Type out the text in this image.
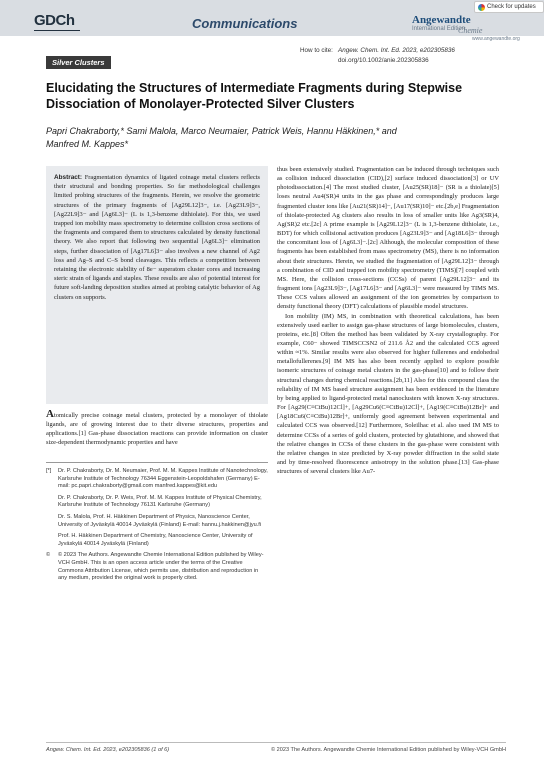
GDCh	Communications	Angewandte
International Edition
Chemie
www.angewandte.org
Check for updates
How to cite: Angew. Chem. Int. Ed. 2023, e202305836
doi.org/10.1002/anie.202305836
Silver Clusters
Elucidating the Structures of Intermediate Fragments during Stepwise Dissociation of Monolayer-Protected Silver Clusters
Papri Chakraborty,* Sami Malola, Marco Neumaier, Patrick Weis, Hannu Häkkinen,* and
Manfred M. Kappes*
Abstract: Fragmentation dynamics of ligated coinage metal clusters reflects their structural and bonding properties. So far methodological challenges limited probing structures of the fragments. Herein, we resolve the geometric structures of the primary fragments of [Ag29L12]3−, i.e. [Ag23L9]3−, [Ag22L9]3− and [Ag6L3]− (L is 1,3-benzene dithiolate). For this, we used trapped ion mobility mass spectrometry to determine collision cross sections of the fragments and compared them to structures calculated by density functional theory. We also report that following two sequential [Ag6L3]− elimination steps, further dissociation of [Ag17L6]3− also involves a new channel of Ag2 loss and Ag–S and C–S bond cleavages. This reflects a competition between retaining the electronic stability of 8e− superatom cluster cores and increasing steric strain of ligands and staples. These results are also of potential interest for future soft-landing deposition studies aimed at probing catalytic behavior of Ag clusters on supports.

Atomically precise coinage metal clusters, protected by a monolayer of thiolate ligands, are of growing interest due to their diverse structures, properties and applications.[1] Gas-phase dissociation reactions can provide information on cluster size-dependent thermodynamic properties and have

[*]	Dr. P. Chakraborty, Dr. M. Neumaier, Prof. M. M. Kappes Institute of Nanotechnology, Karlsruhe Institute of Technology 76344 Eggenstein-Leopoldshafen (Germany) E-mail: pc.papri.chakraborty@gmail.com manfred.kappes@kit.edu
Dr. P. Chakraborty, Dr. P. Weis, Prof. M. M. Kappes Institute of Physical Chemistry, Karlsruhe Institute of Technology 76131 Karlsruhe (Germany)
Dr. S. Malola, Prof. H. Häkkinen Department of Physics, Nanoscience Center, University of Jyväskylä 40014 Jyväskylä (Finland) E-mail: hannu.j.hakkinen@jyu.fi
Prof. H. Häkkinen Department of Chemistry, Nanoscience Center, University of Jyväskylä 40014 Jyväskylä (Finland)
©	© 2023 The Authors. Angewandte Chemie International Edition published by Wiley-VCH GmbH. This is an open access article under the terms of the Creative Commons Attribution License, which permits use, distribution and reproduction in any medium, provided the original work is properly cited.

thus been extensively studied. Fragmentation can be induced through techniques such as collision induced dissociation (CID),[2] surface induced dissociation[3] or UV photodissociation.[4] The most studied cluster, [Au25(SR)18]− (SR is a thiolate)[5] loses neutral Au4(SR)4 units in the gas phase and correspondingly produces large fragmented cluster ions like [Au21(SR)14]−, [Au17(SR)10]− etc.[2b,e] Fragmentation of thiolate-protected Ag clusters also results in loss of smaller units like Ag3(SR)4, Ag(SR)2 etc.[2c] A prime example is [Ag29L12]3− (L is 1,3-benzene dithiolate, i.e., BDT) for which collisional activation produces [Ag23L9]3− and [Ag18L6]3− through the concomitant loss of [Ag6L3]−.[2c] Although, the molecular composition of these fragments has been established from mass spectrometry (MS), there is no information about their structures. Herein, we studied the fragmentation of [Ag29L12]3− through a combination of CID and trapped ion mobility spectrometry (TIMS)[7] coupled with MS. Here, the collision cross-sections (CCSs) of parent [Ag29L12]3− and its fragment ions [Ag23L9]3−, [Ag17L6]3− and [Ag6L3]− were measured by TIMS MS. These CCS values allowed an assignment of the ion geometries by comparison to density functional theory (DFT) calculations of plausible model structures.

Ion mobility (IM) MS, in combination with theoretical calculations, has been extensively used earlier to assign gas-phase structures of large biomolecules, clusters, proteins, etc.[8] Often the method has been validated by X-ray crystallography. For example, C60− showed TIMSCCSN2 of 211.6 Å2 and the calculated CCS agreed within ≈1%. Similar results were also observed for higher fullerenes and endohedral metallofullerenes.[9] IM MS has also been recently applied to explore possible isomeric structures of coinage metal clusters in the gas-phase[10] and to follow their structural changes during chemical reactions.[2b,11] Also for this compound class the reliability of IM MS based structure assignment has been evidenced in the literature by being applied to ligand-protected metal nanoclusters with known X-ray structures. For [Ag29(C≡CtBu)12Cl]+, [Ag29Cu6(C≡CtBu)12Cl]+, [Ag19(C≡CtBu)12Br]+ and [Ag18Cu6(C≡CtBu)12Br]+, uniformly good agreement between experimental and calculated CCS was observed.[12] Furthermore, Soleilhac et al. also used IM MS to determine CCSs of a series of gold clusters, protected by glutathione, and showed that the relative changes in CCSs of these clusters in the gas-phase were consistent with the relative changes in size predicted by X-ray powder diffraction in the solid state and by time-resolved fluorescence anisotropy in the solution phase.[13] Gas-phase structures of several clusters like Au7-

Angew. Chem. Int. Ed. 2023, e202305836 (1 of 6)	© 2023 The Authors. Angewandte Chemie International Edition published by Wiley-VCH GmbH
